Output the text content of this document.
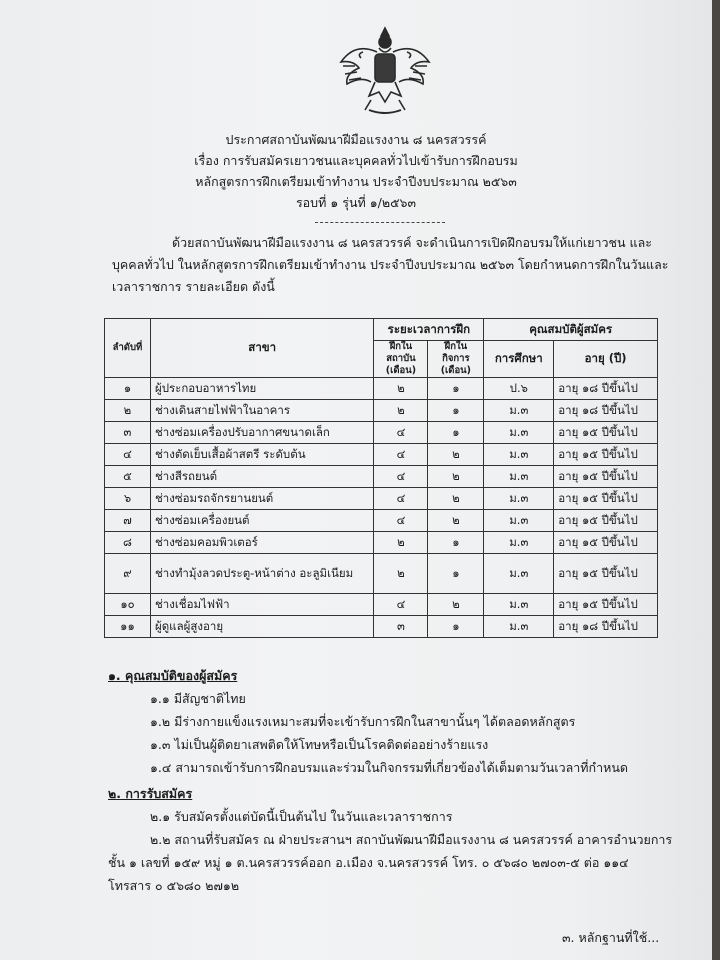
ประกาศสถาบันพัฒนาฝีมือแรงงาน ๘ นครสวรรค์
เรื่อง การรับสมัครเยาวชนและบุคคลทั่วไปเข้ารับการฝึกอบรม
หลักสูตรการฝึกเตรียมเข้าทำงาน ประจำปีงบประมาณ ๒๕๖๓
รอบที่ ๑ รุ่นที่ ๑/๒๕๖๓
ด้วยสถาบันพัฒนาฝีมือแรงงาน ๘ นครสวรรค์ จะดำเนินการเปิดฝึกอบรมให้แก่เยาวชน และ
บุคคลทั่วไป ในหลักสูตรการฝึกเตรียมเข้าทำงาน ประจำปีงบประมาณ ๒๕๖๓ โดยกำหนดการฝึกในวันและ
เวลาราชการ รายละเอียด ดังนี้
ลำดับที่	สาขา	ระยะเวลาการฝึก		คุณสมบัติผู้สมัคร	
		ฝึกในสถาบัน (เดือน)	ฝึกในกิจการ (เดือน)	การศึกษา	อายุ (ปี)
๑	ผู้ประกอบอาหารไทย	๒	๑	ป.๖	อายุ ๑๘ ปีขึ้นไป
๒	ช่างเดินสายไฟฟ้าในอาคาร	๒	๑	ม.๓	อายุ ๑๘ ปีขึ้นไป
๓	ช่างซ่อมเครื่องปรับอากาศขนาดเล็ก	๔	๑	ม.๓	อายุ ๑๕ ปีขึ้นไป
๔	ช่างตัดเย็บเสื้อผ้าสตรี ระดับต้น	๔	๒	ม.๓	อายุ ๑๕ ปีขึ้นไป
๕	ช่างสีรถยนต์	๔	๒	ม.๓	อายุ ๑๕ ปีขึ้นไป
๖	ช่างซ่อมรถจักรยานยนต์	๔	๒	ม.๓	อายุ ๑๕ ปีขึ้นไป
๗	ช่างซ่อมเครื่องยนต์	๔	๒	ม.๓	อายุ ๑๕ ปีขึ้นไป
๘	ช่างซ่อมคอมพิวเตอร์	๒	๑	ม.๓	อายุ ๑๕ ปีขึ้นไป
๙	ช่างทำมุ้งลวดประตู-หน้าต่าง อะลูมิเนียม	๒	๑	ม.๓	อายุ ๑๕ ปีขึ้นไป
๑๐	ช่างเชื่อมไฟฟ้า	๔	๒	ม.๓	อายุ ๑๕ ปีขึ้นไป
๑๑	ผู้ดูแลผู้สูงอายุ	๓	๑	ม.๓	อายุ ๑๘ ปีขึ้นไป
๑. คุณสมบัติของผู้สมัคร
๑.๑ มีสัญชาติไทย
๑.๒ มีร่างกายแข็งแรงเหมาะสมที่จะเข้ารับการฝึกในสาขานั้นๆ ได้ตลอดหลักสูตร
๑.๓ ไม่เป็นผู้ติดยาเสพติดให้โทษหรือเป็นโรคติดต่ออย่างร้ายแรง
๑.๔ สามารถเข้ารับการฝึกอบรมและร่วมในกิจกรรมที่เกี่ยวข้องได้เต็มตามวันเวลาที่กำหนด
๒. การรับสมัคร
๒.๑ รับสมัครตั้งแต่บัดนี้เป็นต้นไป ในวันและเวลาราชการ
๒.๒ สถานที่รับสมัคร ณ ฝ่ายประสานฯ สถาบันพัฒนาฝีมือแรงงาน ๘ นครสวรรค์ อาคารอำนวยการ
ชั้น ๑ เลขที่ ๑๕๙ หมู่ ๑ ต.นครสวรรค์ออก อ.เมือง จ.นครสวรรค์ โทร. ๐ ๕๖๘๐ ๒๗๐๓-๕ ต่อ ๑๑๔
โทรสาร ๐ ๕๖๘๐ ๒๗๑๒
๓. หลักฐานที่ใช้...
